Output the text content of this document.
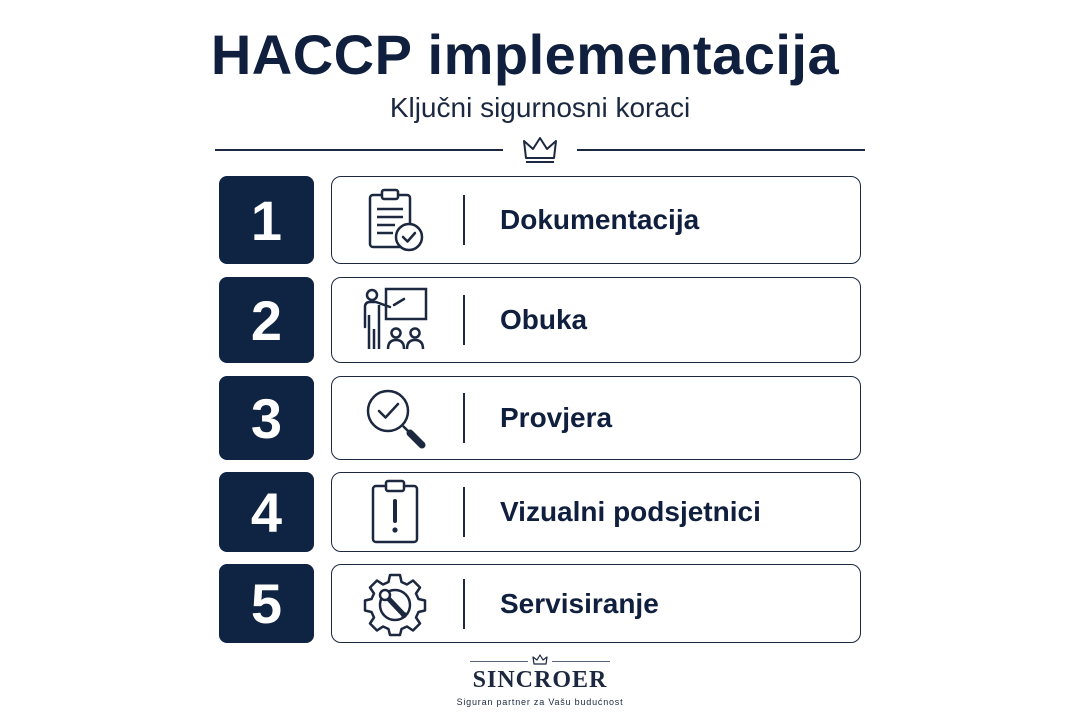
HACCP implementacija
Ključni sigurnosni koraci
1	Dokumentacija
2	Obuka
3	Provjera
4	Vizualni podsjetnici
5	Servisiranje
SINCROER
Siguran partner za Vašu budućnost
